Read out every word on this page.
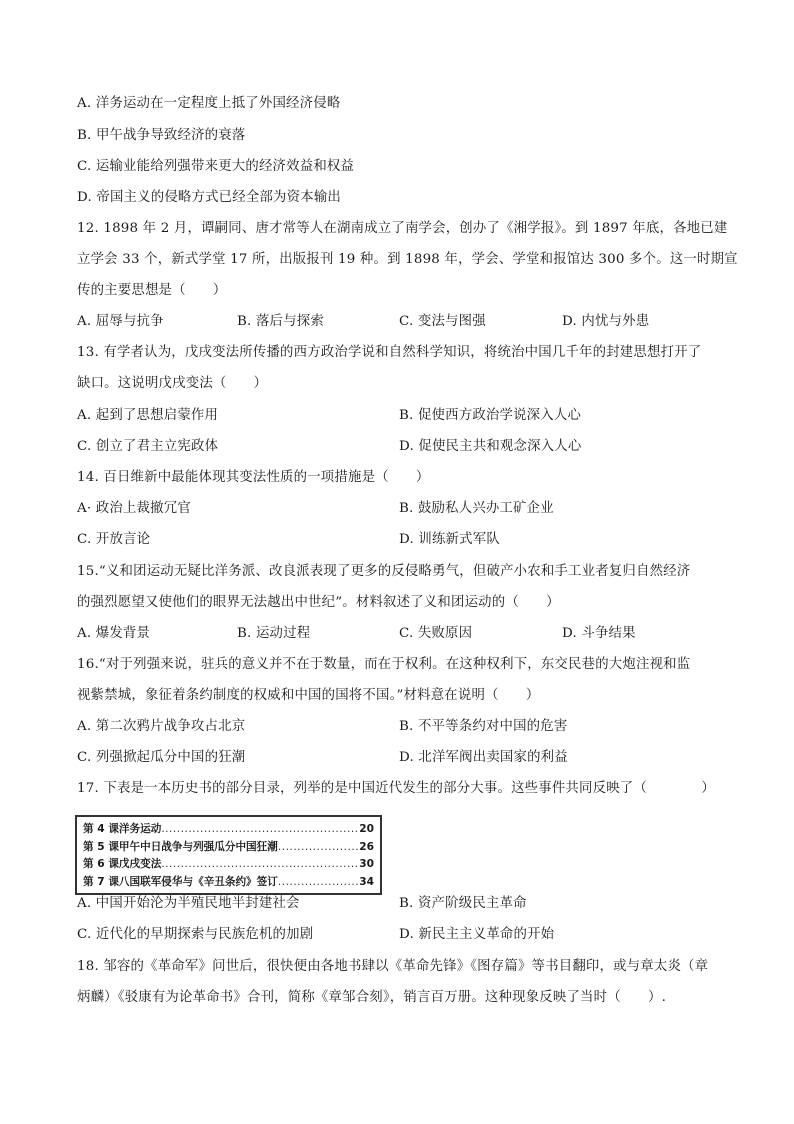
A. 洋务运动在一定程度上抵了外国经济侵略
B. 甲午战争导致经济的衰落
C. 运输业能给列强带来更大的经济效益和权益
D. 帝国主义的侵略方式已经全部为资本输出
12. 1898 年 2 月，谭嗣同、唐才常等人在湖南成立了南学会，创办了《湘学报》。到 1897 年底，各地已建
立学会 33 个，新式学堂 17 所，出版报刊 19 种。到 1898 年，学会、学堂和报馆达 300 多个。这一时期宣
传的主要思想是（　　）
13. 有学者认为，戊戌变法所传播的西方政治学说和自然科学知识，将统治中国几千年的封建思想打开了
缺口。这说明戊戌变法（　　）
14. 百日维新中最能体现其变法性质的一项措施是（　　）
15.“义和团运动无疑比洋务派、改良派表现了更多的反侵略勇气，但破产小农和手工业者复归自然经济
的强烈愿望又使他们的眼界无法越出中世纪”。材料叙述了义和团运动的（　　）
16.“对于列强来说，驻兵的意义并不在于数量，而在于权利。在这种权利下，东交民巷的大炮注视和监
视紫禁城，象征着条约制度的权威和中国的国将不国。”材料意在说明（　　）
17. 下表是一本历史书的部分目录，列举的是中国近代发生的部分大事。这些事件共同反映了（　　　　）
18. 邹容的《革命军》问世后，很快便由各地书肆以《革命先锋》《图存篇》等书目翻印，或与章太炎（章
炳麟）《驳康有为论革命书》合刊，简称《章邹合刻》，销言百万册。这种现象反映了当时（　　）.
A. 屈辱与抗争	B. 落后与探索	C. 变法与图强	D. 内忧与外患
A. 起到了思想启蒙作用	B. 促使西方政治学说深入人心
C. 创立了君主立宪政体	D. 促使民主共和观念深入人心
A· 政治上裁撤冗官	B. 鼓励私人兴办工矿企业
C. 开放言论	D. 训练新式军队
A. 爆发背景	B. 运动过程	C. 失败原因	D. 斗争结果
A. 第二次鸦片战争攻占北京	B. 不平等条约对中国的危害
C. 列强掀起瓜分中国的狂潮	D. 北洋军阀出卖国家的利益
A. 中国开始沦为半殖民地半封建社会	B. 资产阶级民主革命
C. 近代化的早期探索与民族危机的加剧	D. 新民主主义革命的开始
第 4 课洋务运动 .....	20
第 5 课甲午中日战争与列强瓜分中国狂潮 .....	26
第 6 课戊戌变法 .....	30
第 7 课八国联军侵华与《辛丑条约》签订 .....	34
